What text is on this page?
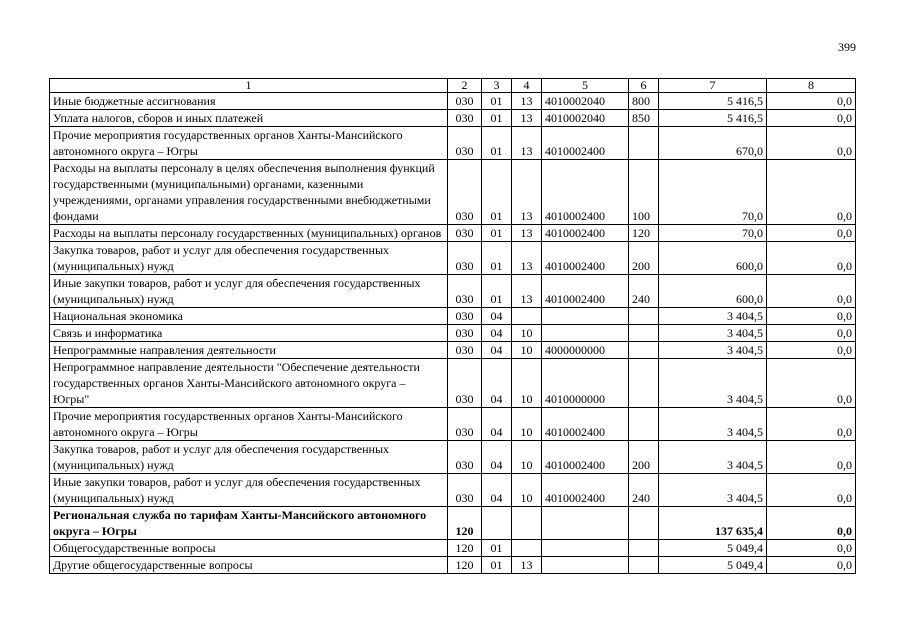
399
1	2	3	4	5	6	7	8
Иные бюджетные ассигнования	030	01	13	4010002040	800	5 416,5	0,0
Уплата налогов, сборов и иных платежей	030	01	13	4010002040	850	5 416,5	0,0
Прочие мероприятия государственных органов Ханты-Мансийского автономного округа – Югры	030	01	13	4010002400		670,0	0,0
Расходы на выплаты персоналу в целях обеспечения выполнения функций государственными (муниципальными) органами, казенными учреждениями, органами управления государственными внебюджетными фондами	030	01	13	4010002400	100	70,0	0,0
Расходы на выплаты персоналу государственных (муниципальных) органов	030	01	13	4010002400	120	70,0	0,0
Закупка товаров, работ и услуг для обеспечения государственных (муниципальных) нужд	030	01	13	4010002400	200	600,0	0,0
Иные закупки товаров, работ и услуг для обеспечения государственных (муниципальных) нужд	030	01	13	4010002400	240	600,0	0,0
Национальная экономика	030	04				3 404,5	0,0
Связь и информатика	030	04	10			3 404,5	0,0
Непрограммные направления деятельности	030	04	10	4000000000		3 404,5	0,0
Непрограммное направление деятельности "Обеспечение деятельности государственных органов Ханты-Мансийского автономного округа – Югры"	030	04	10	4010000000		3 404,5	0,0
Прочие мероприятия государственных органов Ханты-Мансийского автономного округа – Югры	030	04	10	4010002400		3 404,5	0,0
Закупка товаров, работ и услуг для обеспечения государственных (муниципальных) нужд	030	04	10	4010002400	200	3 404,5	0,0
Иные закупки товаров, работ и услуг для обеспечения государственных (муниципальных) нужд	030	04	10	4010002400	240	3 404,5	0,0
Региональная служба по тарифам Ханты-Мансийского автономного округа – Югры	120					137 635,4	0,0
Общегосударственные вопросы	120	01				5 049,4	0,0
Другие общегосударственные вопросы	120	01	13			5 049,4	0,0
